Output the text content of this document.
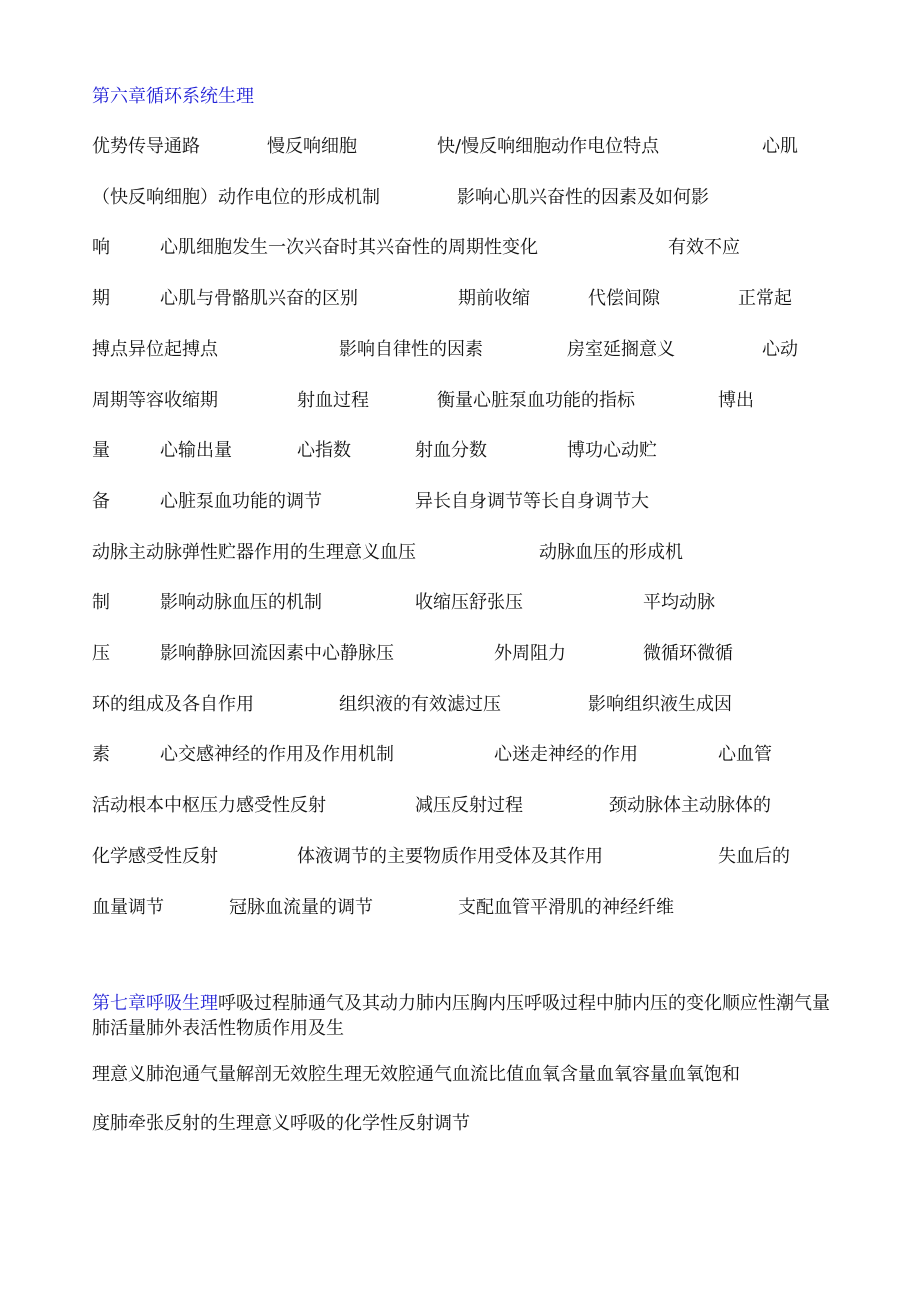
第六章循环系统生理
优势传导通路	慢反响细胞	快/慢反响细胞动作电位特点	心肌
（快反响细胞）动作电位的形成机制	影响心肌兴奋性的因素及如何影
响	心肌细胞发生一次兴奋时其兴奋性的周期性变化	有效不应
期	心肌与骨骼肌兴奋的区别	期前收缩	代偿间隙	正常起
搏点异位起搏点	影响自律性的因素	房室延搁意义	心动
周期等容收缩期	射血过程	衡量心脏泵血功能的指标	博出
量	心输出量	心指数	射血分数	博功心动贮
备	心脏泵血功能的调节	异长自身调节等长自身调节大
动脉主动脉弹性贮器作用的生理意义血压	动脉血压的形成机
制	影响动脉血压的机制	收缩压舒张压	平均动脉
压	影响静脉回流因素中心静脉压	外周阻力	微循环微循
环的组成及各自作用	组织液的有效滤过压	影响组织液生成因
素	心交感神经的作用及作用机制	心迷走神经的作用	心血管
活动根本中枢压力感受性反射	减压反射过程	颈动脉体主动脉体的
化学感受性反射	体液调节的主要物质作用受体及其作用	失血后的
血量调节	冠脉血流量的调节	支配血管平滑肌的神经纤维
第七章呼吸生理呼吸过程肺通气及其动力肺内压胸内压呼吸过程中肺内压的变化顺应性潮气量肺活量肺外表活性物质作用及生
理意义肺泡通气量解剖无效腔生理无效腔通气血流比值血氧含量血氧容量血氧饱和
度肺牵张反射的生理意义呼吸的化学性反射调节
